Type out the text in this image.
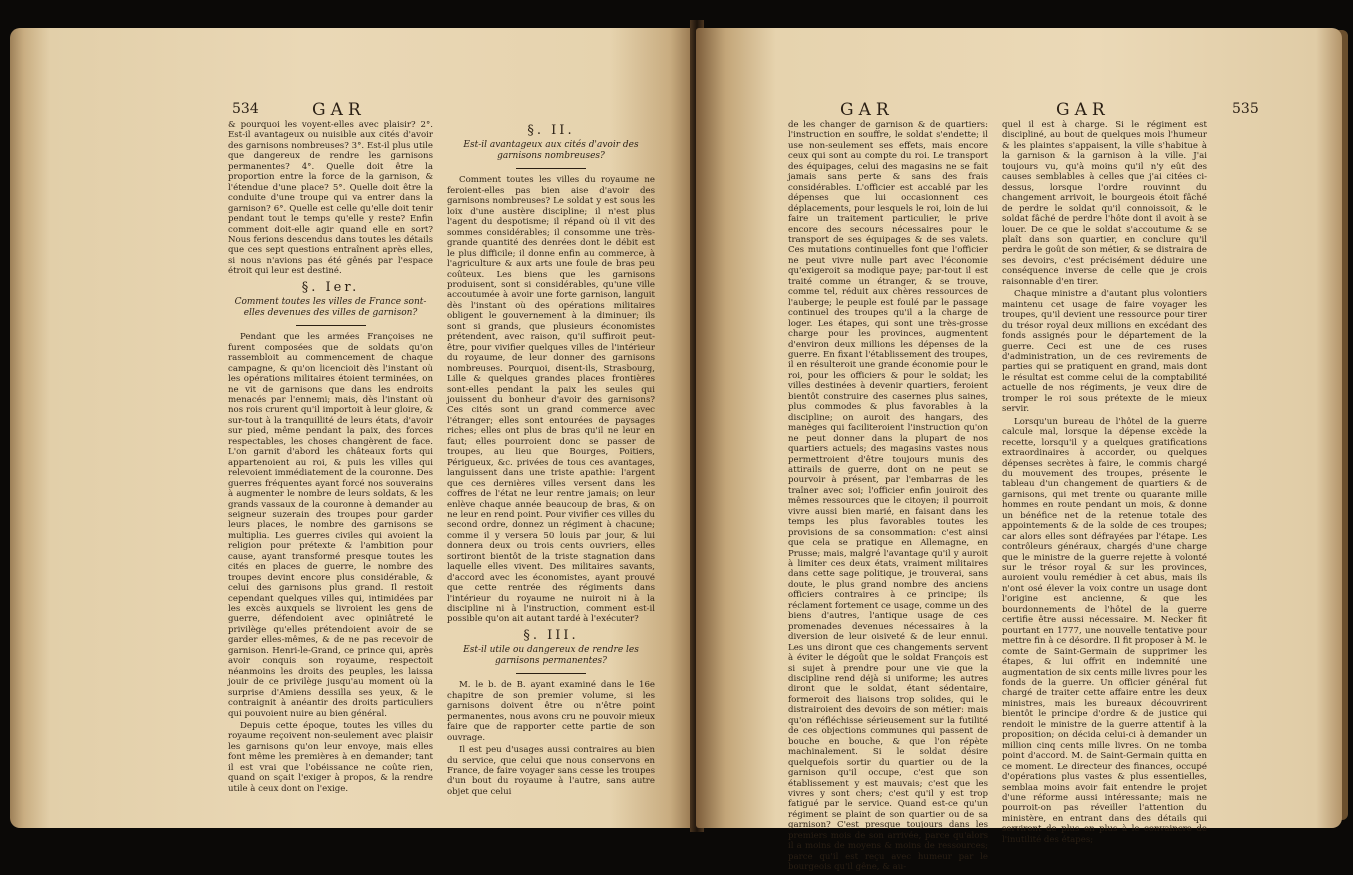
534	GAR

& pourquoi les voyent-elles avec plaisir? 2°. Est-il avantageux ou nuisible aux cités d'avoir des garnisons nombreuses? 3°. Est-il plus utile que dangereux de rendre les garnisons permanentes? 4°. Quelle doit être la proportion entre la force de la garnison, & l'étendue d'une place? 5°. Quelle doit être la conduite d'une troupe qui va entrer dans la garnison? 6°. Quelle est celle qu'elle doit tenir pendant tout le temps qu'elle y reste? Enfin comment doit-elle agir quand elle en sort? Nous ferions descendus dans toutes les détails que ces sept questions entraînent après elles, si nous n'avions pas été gênés par l'espace étroit qui leur est destiné.

§. Ier.
Comment toutes les villes de France sont-elles devenues des villes de garnison?

Pendant que les armées Françoises ne furent composées que de soldats qu'on rassembloit au commencement de chaque campagne, & qu'on licencioit dès l'instant où les opérations militaires étoient terminées, on ne vit de garnisons que dans les endroits menacés par l'ennemi; mais, dès l'instant où nos rois crurent qu'il importoit à leur gloire, & sur-tout à la tranquillité de leurs états, d'avoir sur pied, même pendant la paix, des forces respectables, les choses changèrent de face. L'on garnit d'abord les châteaux forts qui appartenoient au roi, & puis les villes qui relevoient immédiatement de la couronne. Des guerres fréquentes ayant forcé nos souverains à augmenter le nombre de leurs soldats, & les grands vassaux de la couronne à demander au seigneur suzerain des troupes pour garder leurs places, le nombre des garnisons se multiplia. Les guerres civiles qui avoient la religion pour prétexte & l'ambition pour cause, ayant transformé presque toutes les cités en places de guerre, le nombre des troupes devint encore plus considérable, & celui des garnisons plus grand. Il restoit cependant quelques villes qui, intimidées par les excès auxquels se livroient les gens de guerre, défendoient avec opiniâtreté le privilège qu'elles prétendoient avoir de se garder elles-mêmes, & de ne pas recevoir de garnison. Henri-le-Grand, ce prince qui, après avoir conquis son royaume, respectoit néanmoins les droits des peuples, les laissa jouir de ce privilège jusqu'au moment où la surprise d'Amiens dessilla ses yeux, & le contraignit à anéantir des droits particuliers qui pouvoient nuire au bien général.

Depuis cette époque, toutes les villes du royaume reçoivent non-seulement avec plaisir les garnisons qu'on leur envoye, mais elles font même les premières à en demander; tant il est vrai que l'obéissance ne coûte rien, quand on sçait l'exiger à propos, & la rendre utile à ceux dont on l'exige.

§. II.
Est-il avantageux aux cités d'avoir des garnisons nombreuses?

Comment toutes les villes du royaume ne feroient-elles pas bien aise d'avoir des garnisons nombreuses? Le soldat y est sous les loix d'une austère discipline; il n'est plus l'agent du despotisme; il répand où il vit des sommes considérables; il consomme une très-grande quantité des denrées dont le débit est le plus difficile; il donne enfin au commerce, à l'agriculture & aux arts une foule de bras peu coûteux. Les biens que les garnisons produisent, sont si considérables, qu'une ville accoutumée à avoir une forte garnison, languit dès l'instant où des opérations militaires obligent le gouvernement à la diminuer; ils sont si grands, que plusieurs économistes prétendent, avec raison, qu'il suffiroit peut-être, pour vivifier quelques villes de l'intérieur du royaume, de leur donner des garnisons nombreuses. Pourquoi, disent-ils, Strasbourg, Lille & quelques grandes places frontières sont-elles pendant la paix les seules qui jouissent du bonheur d'avoir des garnisons? Ces cités sont un grand commerce avec l'étranger; elles sont entourées de paysages riches; elles ont plus de bras qu'il ne leur en faut; elles pourroient donc se passer de troupes, au lieu que Bourges, Poitiers, Périgueux, &c. privées de tous ces avantages, languissent dans une triste apathie: l'argent que ces dernières villes versent dans les coffres de l'état ne leur rentre jamais; on leur enlève chaque année beaucoup de bras, & on ne leur en rend point. Pour vivifier ces villes du second ordre, donnez un régiment à chacune; comme il y versera 50 louis par jour, & lui donnera deux ou trois cents ouvriers, elles sortiront bientôt de la triste stagnation dans laquelle elles vivent. Des militaires savants, d'accord avec les économistes, ayant prouvé que cette rentrée des régiments dans l'intérieur du royaume ne nuiroit ni à la discipline ni à l'instruction, comment est-il possible qu'on ait autant tardé à l'exécuter?

§. III.
Est-il utile ou dangereux de rendre les garnisons permanentes?

M. le b. de B. ayant examiné dans le 16e chapitre de son premier volume, si les garnisons doivent être ou n'être point permanentes, nous avons cru ne pouvoir mieux faire que de rapporter cette partie de son ouvrage.

Il est peu d'usages aussi contraires au bien du service, que celui que nous conservons en France, de faire voyager sans cesse les troupes d'un bout du royaume à l'autre, sans autre objet que celui

GAR	GAR	535

de les changer de garnison & de quartiers: l'instruction en souffre, le soldat s'endette; il use non-seulement ses effets, mais encore ceux qui sont au compte du roi. Le transport des équipages, celui des magasins ne se fait jamais sans perte & sans des frais considérables. L'officier est accablé par les dépenses que lui occasionnent ces déplacements, pour lesquels le roi, loin de lui faire un traitement particulier, le prive encore des secours nécessaires pour le transport de ses équipages & de ses valets. Ces mutations continuelles font que l'officier ne peut vivre nulle part avec l'économie qu'exigeroit sa modique paye; par-tout il est traité comme un étranger, & se trouve, comme tel, réduit aux chères ressources de l'auberge; le peuple est foulé par le passage continuel des troupes qu'il a la charge de loger. Les étapes, qui sont une très-grosse charge pour les provinces, augmentent d'environ deux millions les dépenses de la guerre. En fixant l'établissement des troupes, il en résulteroit une grande économie pour le roi, pour les officiers & pour le soldat; les villes destinées à devenir quartiers, feroient bientôt construire des casernes plus saines, plus commodes & plus favorables à la discipline; on auroit des hangars, des manèges qui faciliteroient l'instruction qu'on ne peut donner dans la plupart de nos quartiers actuels; des magasins vastes nous permettroient d'être toujours munis des attirails de guerre, dont on ne peut se pourvoir à présent, par l'embarras de les traîner avec soi; l'officier enfin jouiroit des mêmes ressources que le citoyen; il pourroit vivre aussi bien marié, en faisant dans les temps les plus favorables toutes les provisions de sa consommation: c'est ainsi que cela se pratique en Allemagne, en Prusse; mais, malgré l'avantage qu'il y auroit à limiter ces deux états, vraiment militaires dans cette sage politique, je trouverai, sans doute, le plus grand nombre des anciens officiers contraires à ce principe; ils réclament fortement ce usage, comme un des biens d'autres, l'antique usage de ces promenades devenues nécessaires à la diversion de leur oisiveté & de leur ennui. Les uns diront que ces changements servent à éviter le dégoût que le soldat François est si sujet à prendre pour une vie que la discipline rend déjà si uniforme; les autres diront que le soldat, étant sédentaire, formeroit des liaisons trop solides, qui le distrairoient des devoirs de son métier: mais qu'on réfléchisse sérieusement sur la futilité de ces objections communes qui passent de bouche en bouche, & que l'on répète machinalement. Si le soldat désire quelquefois sortir du quartier ou de la garnison qu'il occupe, c'est que son établissement y est mauvais; c'est que les vivres y sont chers; c'est qu'il y est trop fatigué par le service. Quand est-ce qu'un régiment se plaint de son quartier ou de sa garnison? C'est presque toujours dans les premiers mois de son arrivée, parce qu'alors il a moins de moyens & moins de ressources; parce qu'il est reçu avec humeur par le bourgeois qu'il gêne, & au-

quel il est à charge. Si le régiment est discipliné, au bout de quelques mois l'humeur & les plaintes s'appaisent, la ville s'habitue à la garnison & la garnison à la ville. J'ai toujours vu, qu'à moins qu'il n'y eût des causes semblables à celles que j'ai citées ci-dessus, lorsque l'ordre rouvinnt du changement arrivoit, le bourgeois étoit fâché de perdre le soldat qu'il connoissoit, & le soldat fâché de perdre l'hôte dont il avoit à se louer. De ce que le soldat s'accoutume & se plaît dans son quartier, en conclure qu'il perdra le goût de son métier, & se distraira de ses devoirs, c'est précisément déduire une conséquence inverse de celle que je crois raisonnable d'en tirer.

Chaque ministre a d'autant plus volontiers maintenu cet usage de faire voyager les troupes, qu'il devient une ressource pour tirer du trésor royal deux millions en excédant des fonds assignés pour le département de la guerre. Ceci est une de ces ruses d'administration, un de ces revirements de parties qui se pratiquent en grand, mais dont le résultat est comme celui de la comptabilité actuelle de nos régiments, je veux dire de tromper le roi sous prétexte de le mieux servir.

Lorsqu'un bureau de l'hôtel de la guerre calcule mal, lorsque la dépense excède la recette, lorsqu'il y a quelques gratifications extraordinaires à accorder, ou quelques dépenses secrètes à faire, le commis chargé du mouvement des troupes, présente le tableau d'un changement de quartiers & de garnisons, qui met trente ou quarante mille hommes en route pendant un mois, & donne un bénéfice net de la retenue totale des appointements & de la solde de ces troupes; car alors elles sont défrayées par l'étape. Les contrôleurs généraux, chargés d'une charge que le ministre de la guerre rejette à volonté sur le trésor royal & sur les provinces, auroient voulu remédier à cet abus, mais ils n'ont osé élever la voix contre un usage dont l'origine est ancienne, & que les bourdonnements de l'hôtel de la guerre certifie être aussi nécessaire. M. Necker fit pourtant en 1777, une nouvelle tentative pour mettre fin à ce désordre. Il fit proposer à M. le comte de Saint-Germain de supprimer les étapes, & lui offrit en indemnité une augmentation de six cents mille livres pour les fonds de la guerre. Un officier général fut chargé de traiter cette affaire entre les deux ministres, mais les bureaux découvrirent bientôt le principe d'ordre & de justice qui rendoit le ministre de la guerre attentif à la proposition; on décida celui-ci à demander un million cinq cents mille livres. On ne tomba point d'accord. M. de Saint-Germain quitta en ce moment. Le directeur des finances, occupé d'opérations plus vastes & plus essentielles, semblaa moins avoir fait entendre le projet d'une réforme aussi intéressante; mais ne pourroit-on pas réveiller l'attention du ministère, en entrant dans des détails qui serviront de plus en plus à le convaincre de l'inutilité des étapes;
